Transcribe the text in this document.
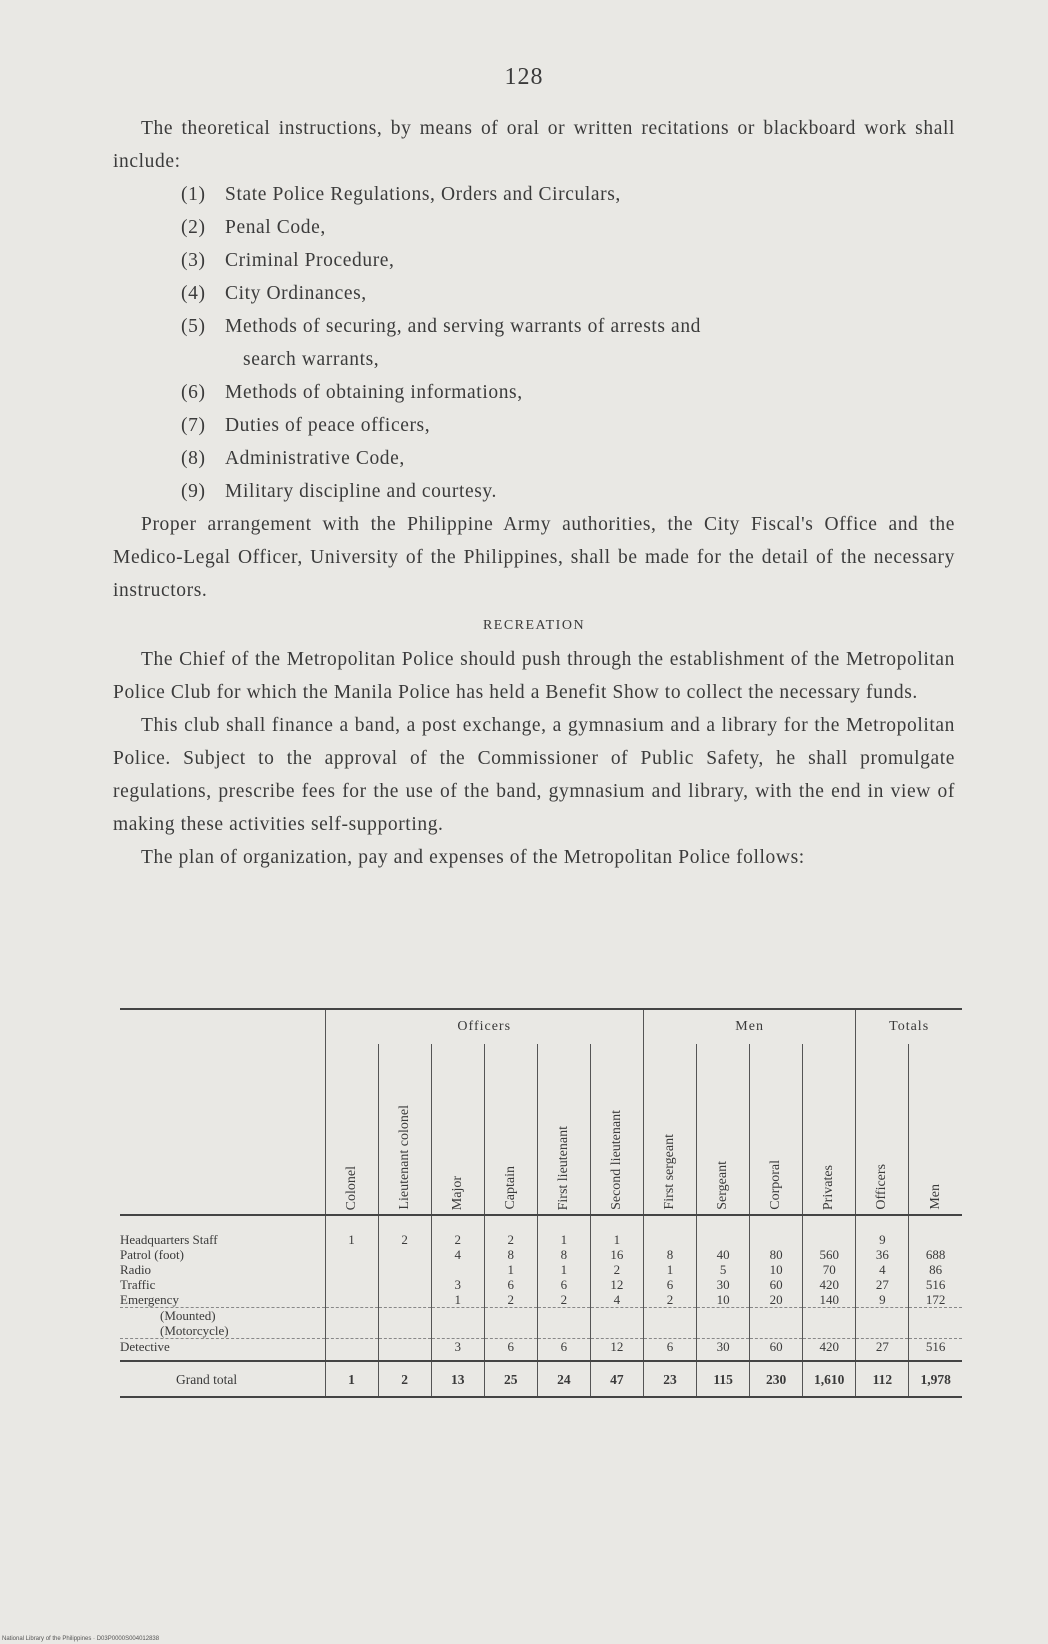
128

The theoretical instructions, by means of oral or written recitations or blackboard work shall include:

(1) State Police Regulations, Orders and Circulars,
(2) Penal Code,
(3) Criminal Procedure,
(4) City Ordinances,
(5) Methods of securing, and serving warrants of arrests and
search warrants,
(6) Methods of obtaining informations,
(7) Duties of peace officers,
(8) Administrative Code,
(9) Military discipline and courtesy.

Proper arrangement with the Philippine Army authorities, the City Fiscal's Office and the Medico-Legal Officer, University of the Philippines, shall be made for the detail of the necessary instructors.

RECREATION

The Chief of the Metropolitan Police should push through the establishment of the Metropolitan Police Club for which the Manila Police has held a Benefit Show to collect the necessary funds.

This club shall finance a band, a post exchange, a gymnasium and a library for the Metropolitan Police. Subject to the approval of the Commissioner of Public Safety, he shall promulgate regulations, prescribe fees for the use of the band, gymnasium and library, with the end in view of making these activities self-supporting.

The plan of organization, pay and expenses of the Metropolitan Police follows:

	Officers						Men				Totals	
	Colonel	Lieutenant colonel	Major	Captain	First lieutenant	Second lieutenant	First sergeant	Sergeant	Corporal	Privates	Officers	Men

Headquarters Staff	1	2	2	2	1	1					9	
Patrol (foot)			4	8	8	16	8	40	80	560	36	688
Radio				1	1	2	1	5	10	70	4	86
Traffic			3	6	6	12	6	30	60	420	27	516
Emergency			1	2	2	4	2	10	20	140	9	172
(Mounted)												
(Motorcycle)												
Detective			3	6	6	12	6	30	60	420	27	516

Grand total	1	2	13	25	24	47	23	115	230	1,610	112	1,978
National Library of the Philippines · D03P0000S004012838
